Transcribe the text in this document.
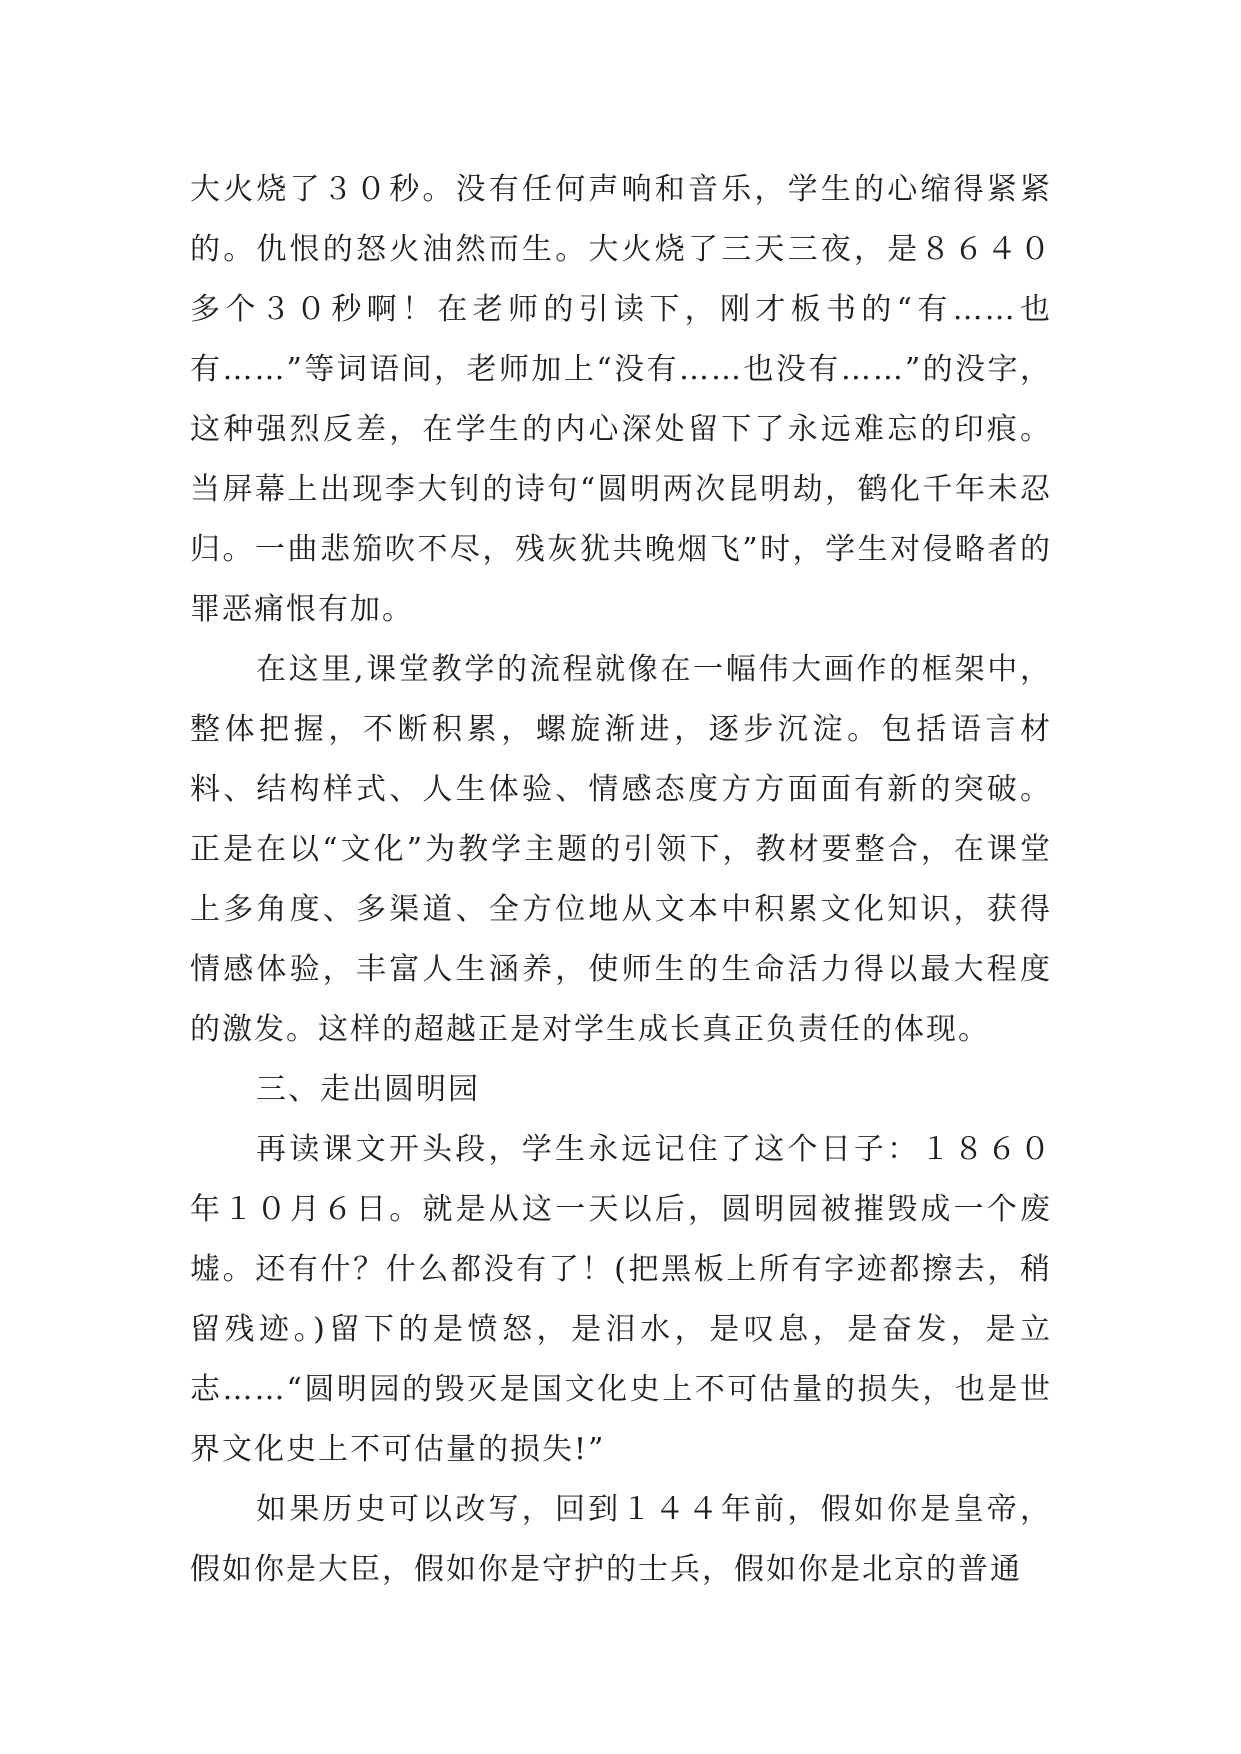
大火烧了３０秒。没有任何声响和音乐，学生的心缩得紧紧的。仇恨的怒火油然而生。大火烧了三天三夜，是８６４０多个３０秒啊！在老师的引读下，刚才板书的“有……也有……”等词语间，老师加上“没有……也没有……”的没字，这种强烈反差，在学生的内心深处留下了永远难忘的印痕。当屏幕上出现李大钊的诗句“圆明两次昆明劫，鹤化千年未忍归。一曲悲笳吹不尽，残灰犹共晚烟飞”时，学生对侵略者的罪恶痛恨有加。

在这里,课堂教学的流程就像在一幅伟大画作的框架中，整体把握，不断积累，螺旋渐进，逐步沉淀。包括语言材料、结构样式、人生体验、情感态度方方面面有新的突破。正是在以“文化”为教学主题的引领下，教材要整合，在课堂上多角度、多渠道、全方位地从文本中积累文化知识，获得情感体验，丰富人生涵养，使师生的生命活力得以最大程度的激发。这样的超越正是对学生成长真正负责任的体现。

三、走出圆明园

再读课文开头段，学生永远记住了这个日子：１８６０年１０月６日。就是从这一天以后，圆明园被摧毁成一个废墟。还有什？什么都没有了！(把黑板上所有字迹都擦去，稍留残迹。)留下的是愤怒，是泪水，是叹息，是奋发，是立志……“圆明园的毁灭是国文化史上不可估量的损失，也是世界文化史上不可估量的损失!”

如果历史可以改写，回到１４４年前，假如你是皇帝，假如你是大臣，假如你是守护的士兵，假如你是北京的普通
